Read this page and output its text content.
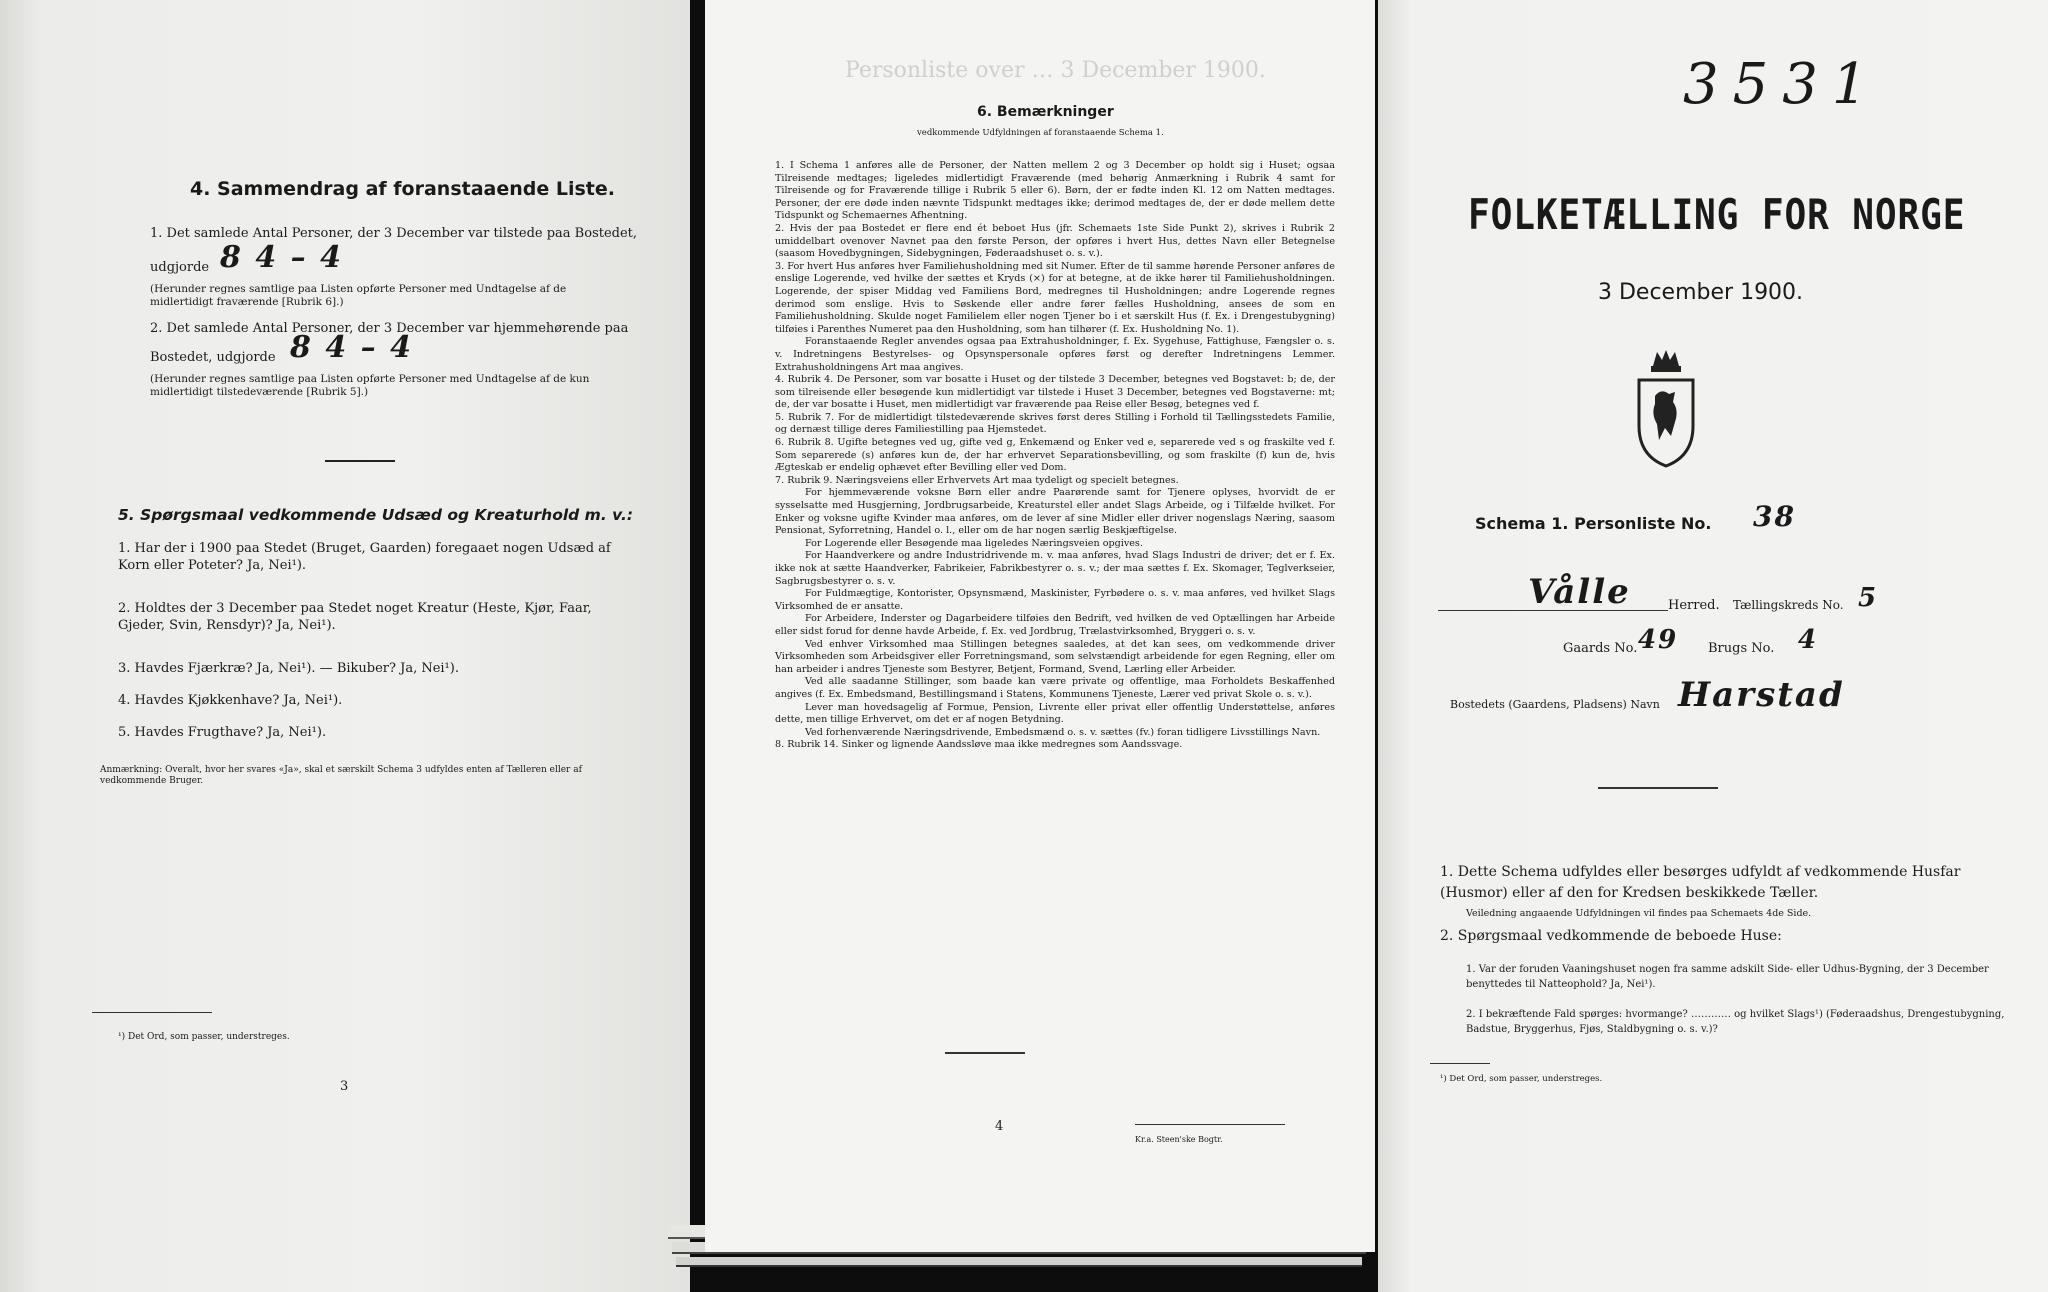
4. Sammendrag af foranstaaende Liste.
1. Det samlede Antal Personer, der 3 December var tilstede paa Bostedet,
udgjorde 8 4 – 4
(Herunder regnes samtlige paa Listen opførte Personer med Undtagelse af de midlertidigt fraværende [Rubrik 6].)
2. Det samlede Antal Personer, der 3 December var hjemmehørende paa
Bostedet, udgjorde 8 4 – 4
(Herunder regnes samtlige paa Listen opførte Personer med Undtagelse af de kun midlertidigt tilstedeværende [Rubrik 5].)
5. Spørgsmaal vedkommende Udsæd og Kreaturhold m. v.:
1. Har der i 1900 paa Stedet (Bruget, Gaarden) foregaaet nogen Udsæd af Korn eller Poteter? Ja, Nei¹).
2. Holdtes der 3 December paa Stedet noget Kreatur (Heste, Kjør, Faar, Gjeder, Svin, Rensdyr)? Ja, Nei¹).
3. Havdes Fjærkræ? Ja, Nei¹). — Bikuber? Ja, Nei¹).
4. Havdes Kjøkkenhave? Ja, Nei¹).
5. Havdes Frugthave? Ja, Nei¹).
Anmærkning: Overalt, hvor her svares «Ja», skal et særskilt Schema 3 udfyldes enten af Tælleren eller af vedkommende Bruger.
¹) Det Ord, som passer, understreges.
3
Personliste over … 3 December 1900.
6. Bemærkninger
vedkommende Udfyldningen af foranstaaende Schema 1.

1. I Schema 1 anføres alle de Personer, der Natten mellem 2 og 3 December op holdt sig i Huset; ogsaa Tilreisende medtages; ligeledes midlertidigt Fraværende (med behørig Anmærkning i Rubrik 4 samt for Tilreisende og for Fraværende tillige i Rubrik 5 eller 6). Børn, der er fødte inden Kl. 12 om Natten medtages. Personer, der ere døde inden nævnte Tidspunkt medtages ikke; derimod medtages de, der er døde mellem dette Tidspunkt og Schemaernes Afhentning.

2. Hvis der paa Bostedet er flere end ét beboet Hus (jfr. Schemaets 1ste Side Punkt 2), skrives i Rubrik 2 umiddelbart ovenover Navnet paa den første Person, der opføres i hvert Hus, dettes Navn eller Betegnelse (saasom Hovedbygningen, Sidebygningen, Føderaadshuset o. s. v.).

3. For hvert Hus anføres hver Familiehusholdning med sit Numer. Efter de til samme hørende Personer anføres de enslige Logerende, ved hvilke der sættes et Kryds (×) for at betegne, at de ikke hører til Familiehusholdningen. Logerende, der spiser Middag ved Familiens Bord, medregnes til Husholdningen; andre Logerende regnes derimod som enslige. Hvis to Søskende eller andre fører fælles Husholdning, ansees de som en Familiehusholdning. Skulde noget Familielem eller nogen Tjener bo i et særskilt Hus (f. Ex. i Drengestubygning) tilføies i Parenthes Numeret paa den Husholdning, som han tilhører (f. Ex. Husholdning No. 1).

Foranstaaende Regler anvendes ogsaa paa Extrahusholdninger, f. Ex. Sygehuse, Fattighuse, Fængsler o. s. v. Indretningens Bestyrelses- og Opsynspersonale opføres først og derefter Indretningens Lemmer. Extrahusholdningens Art maa angives.

4. Rubrik 4. De Personer, som var bosatte i Huset og der tilstede 3 December, betegnes ved Bogstavet: b; de, der som tilreisende eller besøgende kun midlertidigt var tilstede i Huset 3 December, betegnes ved Bogstaverne: mt; de, der var bosatte i Huset, men midlertidigt var fraværende paa Reise eller Besøg, betegnes ved f.

5. Rubrik 7. For de midlertidigt tilstedeværende skrives først deres Stilling i Forhold til Tællingsstedets Familie, og dernæst tillige deres Familiestilling paa Hjemstedet.

6. Rubrik 8. Ugifte betegnes ved ug, gifte ved g, Enkemænd og Enker ved e, separerede ved s og fraskilte ved f. Som separerede (s) anføres kun de, der har erhvervet Separationsbevilling, og som fraskilte (f) kun de, hvis Ægteskab er endelig ophævet efter Bevilling eller ved Dom.

7. Rubrik 9. Næringsveiens eller Erhvervets Art maa tydeligt og specielt betegnes.

For hjemmeværende voksne Børn eller andre Paarørende samt for Tjenere oplyses, hvorvidt de er sysselsatte med Husgjerning, Jordbrugsarbeide, Kreaturstel eller andet Slags Arbeide, og i Tilfælde hvilket. For Enker og voksne ugifte Kvinder maa anføres, om de lever af sine Midler eller driver nogenslags Næring, saasom Pensionat, Syforretning, Handel o. l., eller om de har nogen særlig Beskjæftigelse.

For Logerende eller Besøgende maa ligeledes Næringsveien opgives.

For Haandverkere og andre Industridrivende m. v. maa anføres, hvad Slags Industri de driver; det er f. Ex. ikke nok at sætte Haandverker, Fabrikeier, Fabrikbestyrer o. s. v.; der maa sættes f. Ex. Skomager, Teglverkseier, Sagbrugsbestyrer o. s. v.

For Fuldmægtige, Kontorister, Opsynsmænd, Maskinister, Fyrbødere o. s. v. maa anføres, ved hvilket Slags Virksomhed de er ansatte.

For Arbeidere, Inderster og Dagarbeidere tilføies den Bedrift, ved hvilken de ved Optællingen har Arbeide eller sidst forud for denne havde Arbeide, f. Ex. ved Jordbrug, Trælastvirksomhed, Bryggeri o. s. v.

Ved enhver Virksomhed maa Stillingen betegnes saaledes, at det kan sees, om vedkommende driver Virksomheden som Arbeidsgiver eller Forretningsmand, som selvstændigt arbeidende for egen Regning, eller om han arbeider i andres Tjeneste som Bestyrer, Betjent, Formand, Svend, Lærling eller Arbeider.

Ved alle saadanne Stillinger, som baade kan være private og offentlige, maa Forholdets Beskaffenhed angives (f. Ex. Embedsmand, Bestillingsmand i Statens, Kommunens Tjeneste, Lærer ved privat Skole o. s. v.).

Lever man hovedsagelig af Formue, Pension, Livrente eller privat eller offentlig Understøttelse, anføres dette, men tillige Erhvervet, om det er af nogen Betydning.

Ved forhenværende Næringsdrivende, Embedsmænd o. s. v. sættes (fv.) foran tidligere Livsstillings Navn.

8. Rubrik 14. Sinker og lignende Aandssløve maa ikke medregnes som Aandssvage.

4
Kr.a. Steen'ske Bogtr.
3531
FOLKETÆLLING FOR NORGE
3 December 1900.
Schema 1. Personliste No. 38
Vålle	Herred. Tællingskreds No. 5
Gaards No. 49 Brugs No. 4
Bostedets (Gaardens, Pladsens) Navn Harstad
1. Dette Schema udfyldes eller besørges udfyldt af vedkommende Husfar (Husmor) eller af den for Kredsen beskikkede Tæller.
Veiledning angaaende Udfyldningen vil findes paa Schemaets 4de Side.
2. Spørgsmaal vedkommende de beboede Huse:
1. Var der foruden Vaaningshuset nogen fra samme adskilt Side- eller Udhus-Bygning, der 3 December benyttedes til Natteophold? Ja, Nei¹).
2. I bekræftende Fald spørges: hvormange? ………… og hvilket Slags¹) (Føderaadshus, Drengestubygning, Badstue, Bryggerhus, Fjøs, Staldbygning o. s. v.)?
¹) Det Ord, som passer, understreges.
